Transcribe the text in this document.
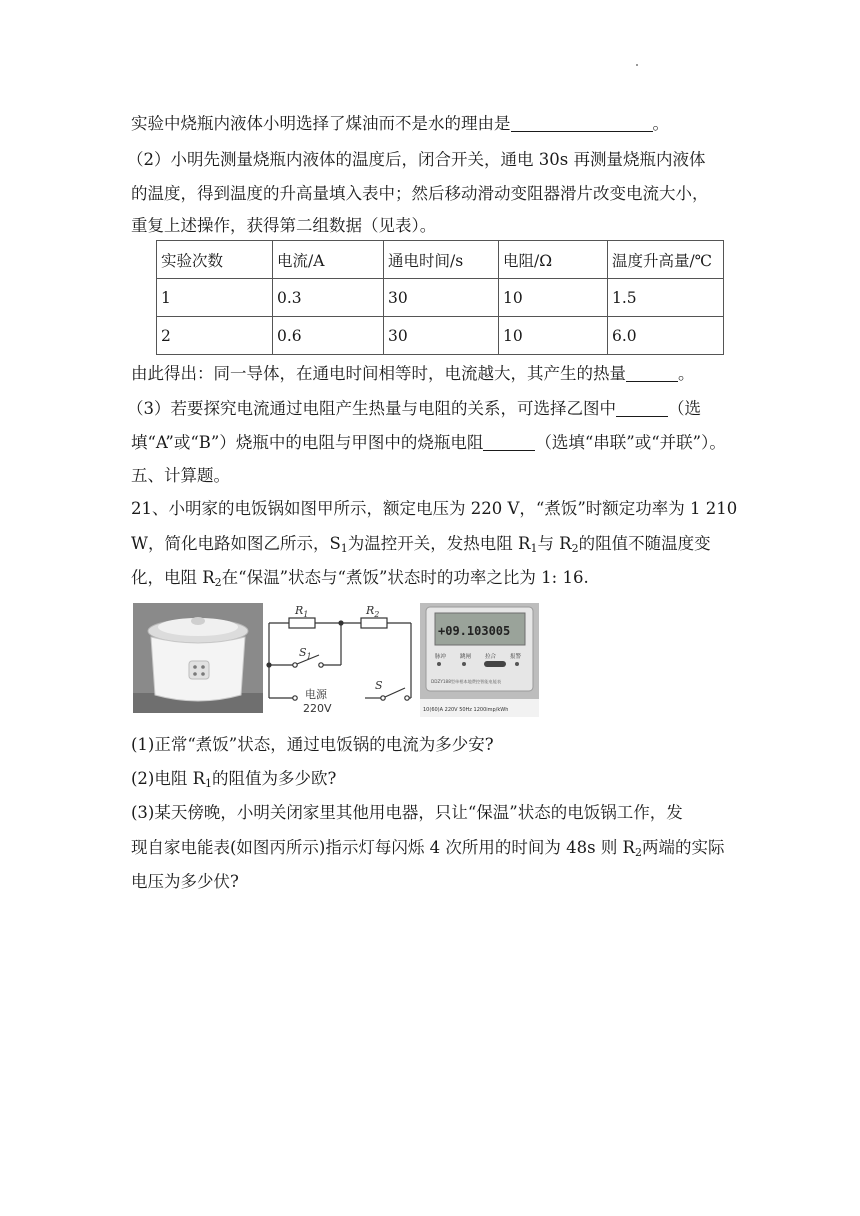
实验中烧瓶内液体小明选择了煤油而不是水的理由是	。
（2）小明先测量烧瓶内液体的温度后，闭合开关，通电 30s 再测量烧瓶内液体
的温度，得到温度的升高量填入表中；然后移动滑动变阻器滑片改变电流大小，
重复上述操作，获得第二组数据（见表）。
实验次数	电流/A	通电时间/s	电阻/Ω	温度升高量/℃
1	0.3	30	10	1.5
2	0.6	30	10	6.0
由此得出：同一导体，在通电时间相等时，电流越大，其产生的热量	。
（3）若要探究电流通过电阻产生热量与电阻的关系，可选择乙图中	（选
填“A”或“B”）烧瓶中的电阻与甲图中的烧瓶电阻	（选填“串联”或“并联”）。
五、计算题。
21、小明家的电饭锅如图甲所示，额定电压为 220 V，“煮饭”时额定功率为 1 210
W，简化电路如图乙所示，$S_1$为温控开关，发热电阻 $R_1$与 $R_2$的阻值不随温度变
化，电阻 $R_2$在“保温”状态与“煮饭”状态时的功率之比为 1: 16.
$R_1$	$R_2$
$S_1$
S
电源
220V
+09.103005
脉冲	跳闸	拉合	报警
DDZY188型单相本地费控智能电能表
10(60)A 220V 50Hz 1200imp/kWh
(1)正常“煮饭”状态，通过电饭锅的电流为多少安?
(2)电阻 $R_1$的阻值为多少欧?
(3)某天傍晚，小明关闭家里其他用电器，只让“保温”状态的电饭锅工作，发
现自家电能表(如图丙所示)指示灯每闪烁 4 次所用的时间为 48s 则 $R_2$两端的实际
电压为多少伏?
